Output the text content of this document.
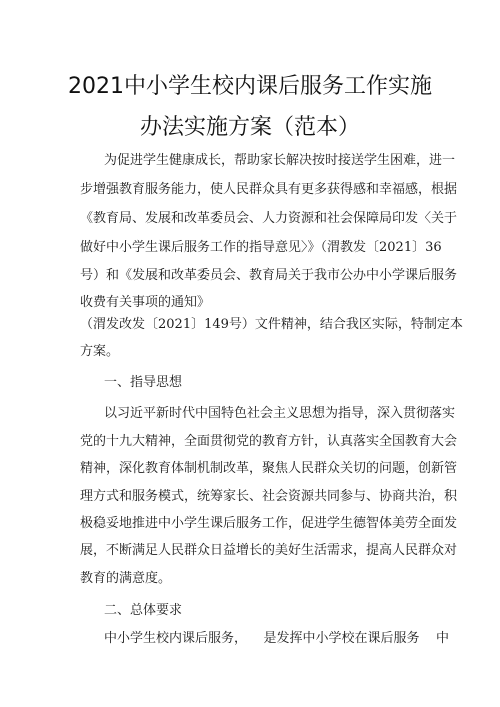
2021中小学生校内课后服务工作实施
办法实施方案（范本）

为促进学生健康成长，帮助家长解决按时接送学生困难，进一

步增强教育服务能力，使人民群众具有更多获得感和幸福感，根据

《教育局、发展和改革委员会、人力资源和社会保障局印发〈关于

做好中小学生课后服务工作的指导意见〉》（渭教发〔2021〕36

号）和《发展和改革委员会、教育局关于我市公办中小学课后服务

收费有关事项的通知》

（渭发改发〔2021〕149号）文件精神，结合我区实际，特制定本

方案。

一、指导思想

以习近平新时代中国特色社会主义思想为指导，深入贯彻落实

党的十九大精神，全面贯彻党的教育方针，认真落实全国教育大会

精神，深化教育体制机制改革，聚焦人民群众关切的问题，创新管

理方式和服务模式，统筹家长、社会资源共同参与、协商共治，积

极稳妥地推进中小学生课后服务工作，促进学生德智体美劳全面发

展，不断满足人民群众日益增长的美好生活需求，提高人民群众对

教育的满意度。

二、总体要求

中小学生校内课后服务，    是发挥中小学校在课后服务    中
